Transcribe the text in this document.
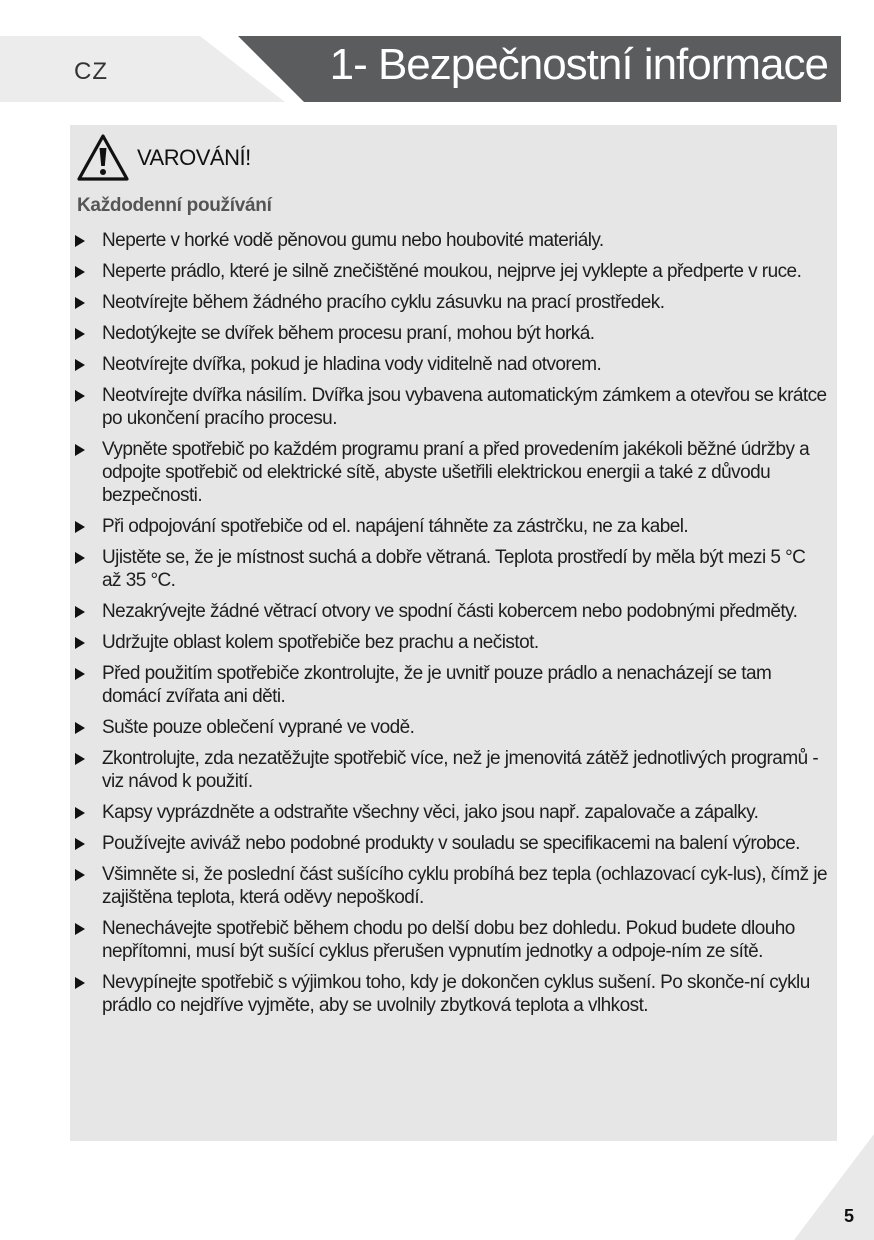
CZ	1- Bezpečnostní informace
VAROVÁNÍ!
Každodenní používání
Neperte v horké vodě pěnovou gumu nebo houbovité materiály.
Neperte prádlo, které je silně znečištěné moukou, nejprve jej vyklepte a předperte v ruce.
Neotvírejte během žádného pracího cyklu zásuvku na prací prostředek.
Nedotýkejte se dvířek během procesu praní, mohou být horká.
Neotvírejte dvířka, pokud je hladina vody viditelně nad otvorem.
Neotvírejte dvířka násilím. Dvířka jsou vybavena automatickým zámkem a otevřou se krátce po ukončení pracího procesu.
Vypněte spotřebič po každém programu praní a před provedením jakékoli běžné údržby a odpojte spotřebič od elektrické sítě, abyste ušetřili elektrickou energii a také z důvodu bezpečnosti.
Při odpojování spotřebiče od el. napájení táhněte za zástrčku, ne za kabel.
Ujistěte se, že je místnost suchá a dobře větraná. Teplota prostředí by měla být mezi 5 °C až 35 °C.
Nezakrývejte žádné větrací otvory ve spodní části kobercem nebo podobnými předměty.
Udržujte oblast kolem spotřebiče bez prachu a nečistot.
Před použitím spotřebiče zkontrolujte, že je uvnitř pouze prádlo a nenacházejí se tam domácí zvířata ani děti.
Sušte pouze oblečení vyprané ve vodě.
Zkontrolujte, zda nezatěžujte spotřebič více, než je jmenovitá zátěž jednotlivých programů - viz návod k použití.
Kapsy vyprázdněte a odstraňte všechny věci, jako jsou např. zapalovače a zápalky.
Používejte aviváž nebo podobné produkty v souladu se specifikacemi na balení výrobce.
Všimněte si, že poslední část sušícího cyklu probíhá bez tepla (ochlazovací cyk-lus), čímž je zajištěna teplota, která oděvy nepoškodí.
Nenechávejte spotřebič během chodu po delší dobu bez dohledu. Pokud budete dlouho nepřítomni, musí být sušící cyklus přerušen vypnutím jednotky a odpoje-ním ze sítě.
Nevypínejte spotřebič s výjimkou toho, kdy je dokončen cyklus sušení. Po skonče-ní cyklu prádlo co nejdříve vyjměte, aby se uvolnily zbytková teplota a vlhkost.
5
